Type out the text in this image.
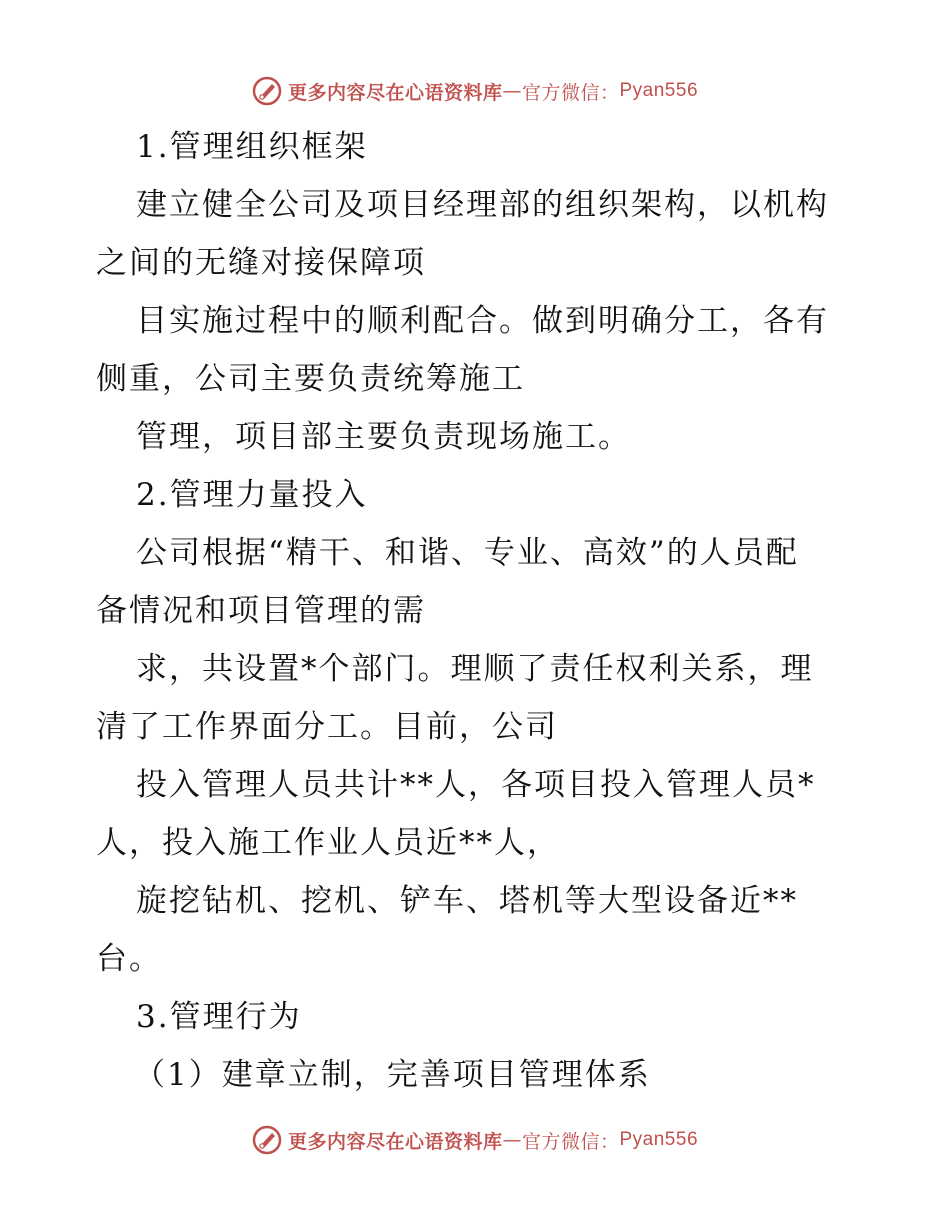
更多内容尽在心语资料库 — 官方微信： Pyan556
1.管理组织框架
建立健全公司及项目经理部的组织架构，以机构
之间的无缝对接保障项
目实施过程中的顺利配合。做到明确分工，各有
侧重，公司主要负责统筹施工
管理，项目部主要负责现场施工。
2.管理力量投入
公司根据“精干、和谐、专业、高效”的人员配
备情况和项目管理的需
求，共设置*个部门。理顺了责任权利关系，理
清了工作界面分工。目前，公司
投入管理人员共计**人，各项目投入管理人员*
人，投入施工作业人员近**人，
旋挖钻机、挖机、铲车、塔机等大型设备近**
台。
3.管理行为
（1）建章立制，完善项目管理体系
更多内容尽在心语资料库 — 官方微信： Pyan556
